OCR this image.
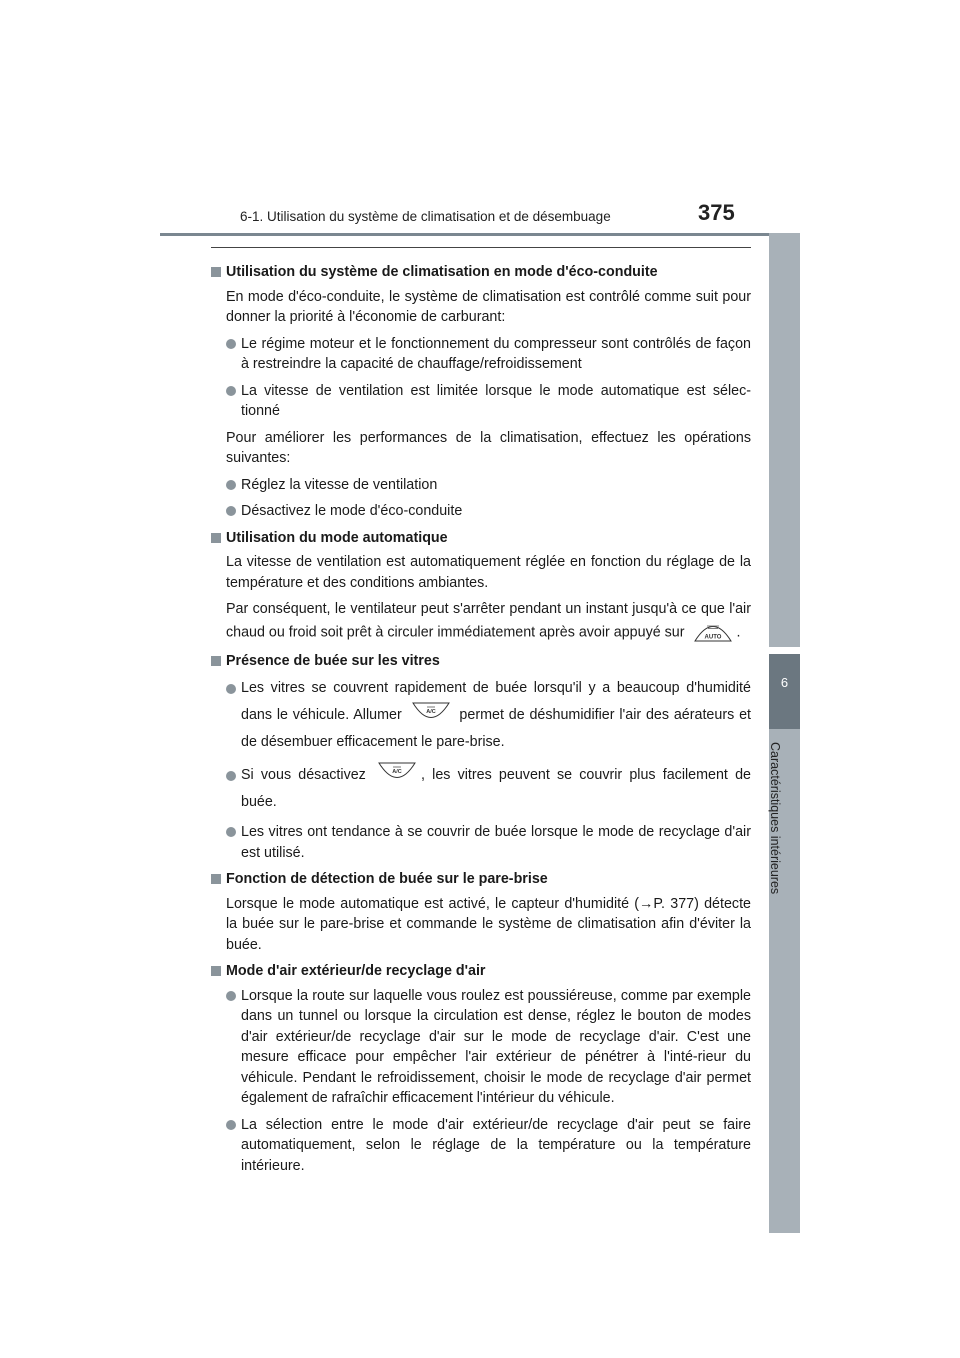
6-1. Utilisation du système de climatisation et de désembuage	375
6
Caractéristiques intérieures
Utilisation du système de climatisation en mode d'éco-conduite
En mode d'éco-conduite, le système de climatisation est contrôlé comme suit pour donner la priorité à l'économie de carburant:
Le régime moteur et le fonctionnement du compresseur sont contrôlés de façon à restreindre la capacité de chauffage/refroidissement
La vitesse de ventilation est limitée lorsque le mode automatique est sélec-tionné
Pour améliorer les performances de la climatisation, effectuez les opérations suivantes:
Réglez la vitesse de ventilation
Désactivez le mode d'éco-conduite
Utilisation du mode automatique
La vitesse de ventilation est automatiquement réglée en fonction du réglage de la température et des conditions ambiantes.
Par conséquent, le ventilateur peut s'arrêter pendant un instant jusqu'à ce que l'air chaud ou froid soit prêt à circuler immédiatement après avoir appuyé sur	AUTO .
Présence de buée sur les vitres
Les vitres se couvrent rapidement de buée lorsqu'il y a beaucoup d'humidité dans le véhicule. Allumer	A/C permet de déshumidifier l'air des aérateurs et de désembuer efficacement le pare-brise.
Si vous désactivez	A/C , les vitres peuvent se couvrir plus facilement de buée.
Les vitres ont tendance à se couvrir de buée lorsque le mode de recyclage d'air est utilisé.
Fonction de détection de buée sur le pare-brise
Lorsque le mode automatique est activé, le capteur d'humidité (→P. 377) détecte la buée sur le pare-brise et commande le système de climatisation afin d'éviter la buée.
Mode d'air extérieur/de recyclage d'air
Lorsque la route sur laquelle vous roulez est poussiéreuse, comme par exemple dans un tunnel ou lorsque la circulation est dense, réglez le bouton de modes d'air extérieur/de recyclage d'air sur le mode de recyclage d'air. C'est une mesure efficace pour empêcher l'air extérieur de pénétrer à l'inté-rieur du véhicule. Pendant le refroidissement, choisir le mode de recyclage d'air permet également de rafraîchir efficacement l'intérieur du véhicule.
La sélection entre le mode d'air extérieur/de recyclage d'air peut se faire automatiquement, selon le réglage de la température ou la température intérieure.
